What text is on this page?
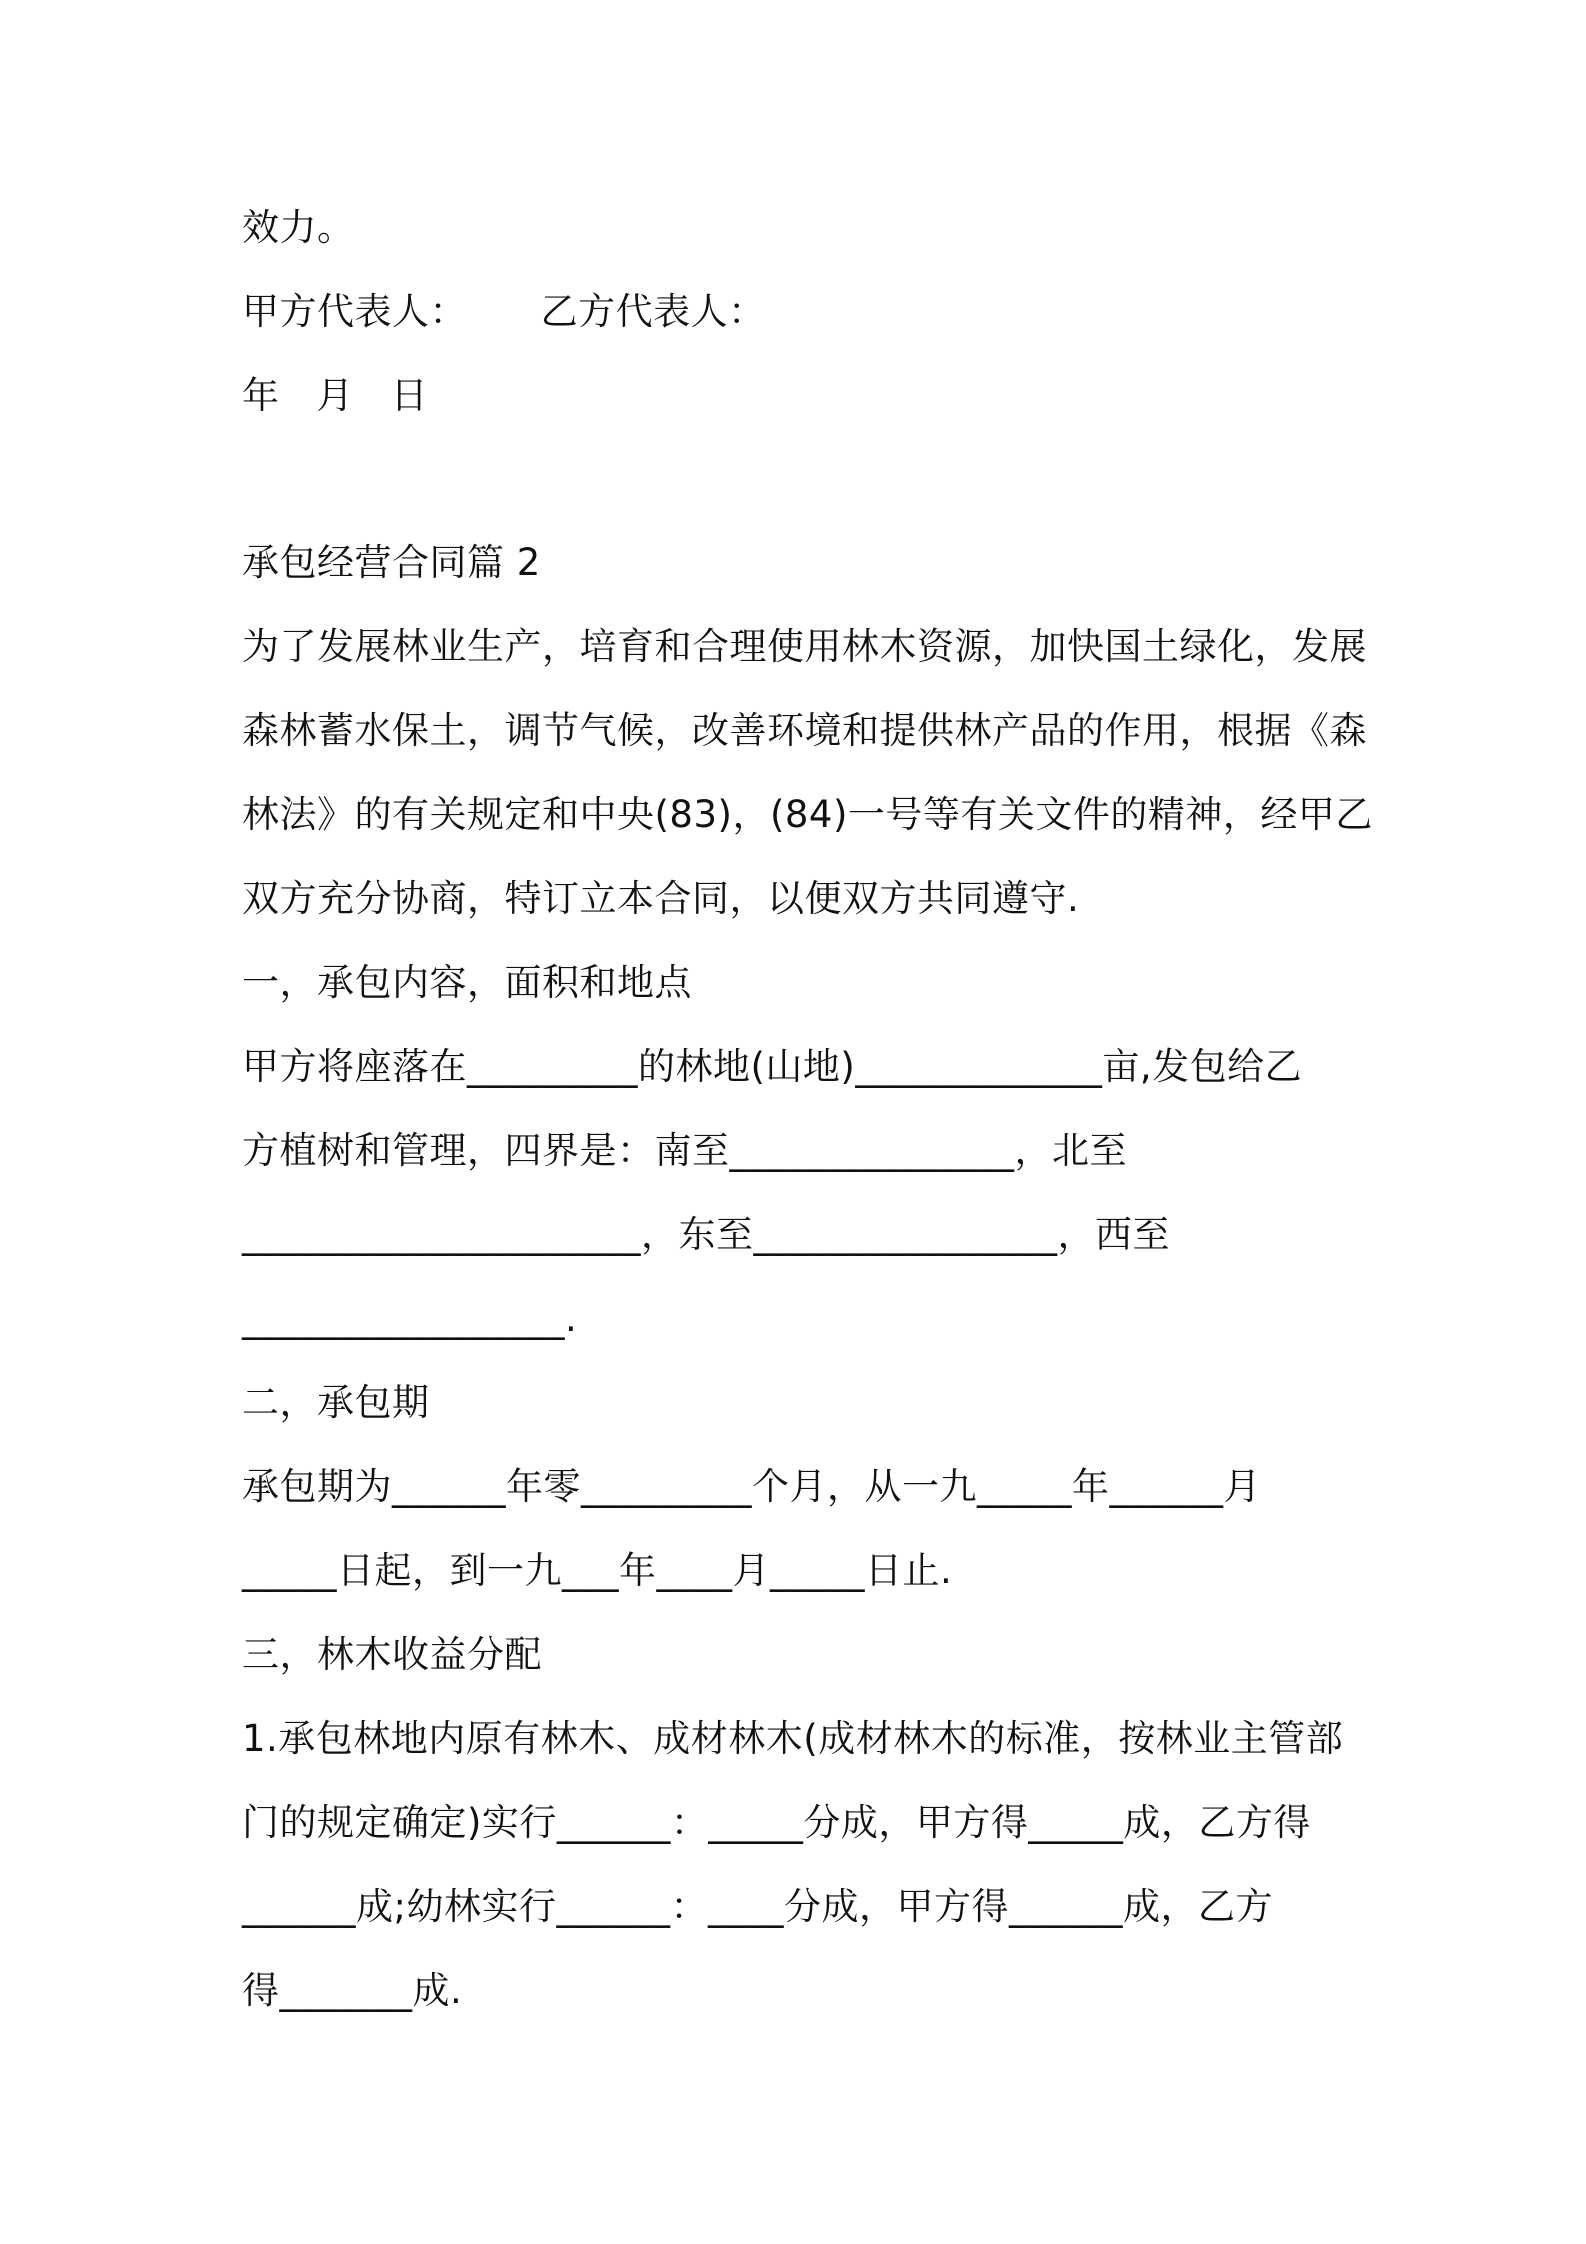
效力。
甲方代表人：      乙方代表人：
年   月   日
承包经营合同篇 2
为了发展林业生产，培育和合理使用林木资源，加快国土绿化，发展
森林蓄水保土，调节气候，改善环境和提供林产品的作用，根据《森
林法》的有关规定和中央(83)，(84)一号等有关文件的精神，经甲乙
双方充分协商，特订立本合同，以便双方共同遵守.
一，承包内容，面积和地点
甲方将座落在_________的林地(山地)_____________亩,发包给乙
方植树和管理，四界是：南至_______________，北至
_____________________，东至________________，西至
_________________.
二，承包期
承包期为______年零_________个月，从一九_____年______月
_____日起，到一九___年____月_____日止.
三，林木收益分配
1.承包林地内原有林木、成材林木(成材林木的标准，按林业主管部
门的规定确定)实行______：_____分成，甲方得_____成，乙方得
______成;幼林实行______：____分成，甲方得______成，乙方
得_______成.
